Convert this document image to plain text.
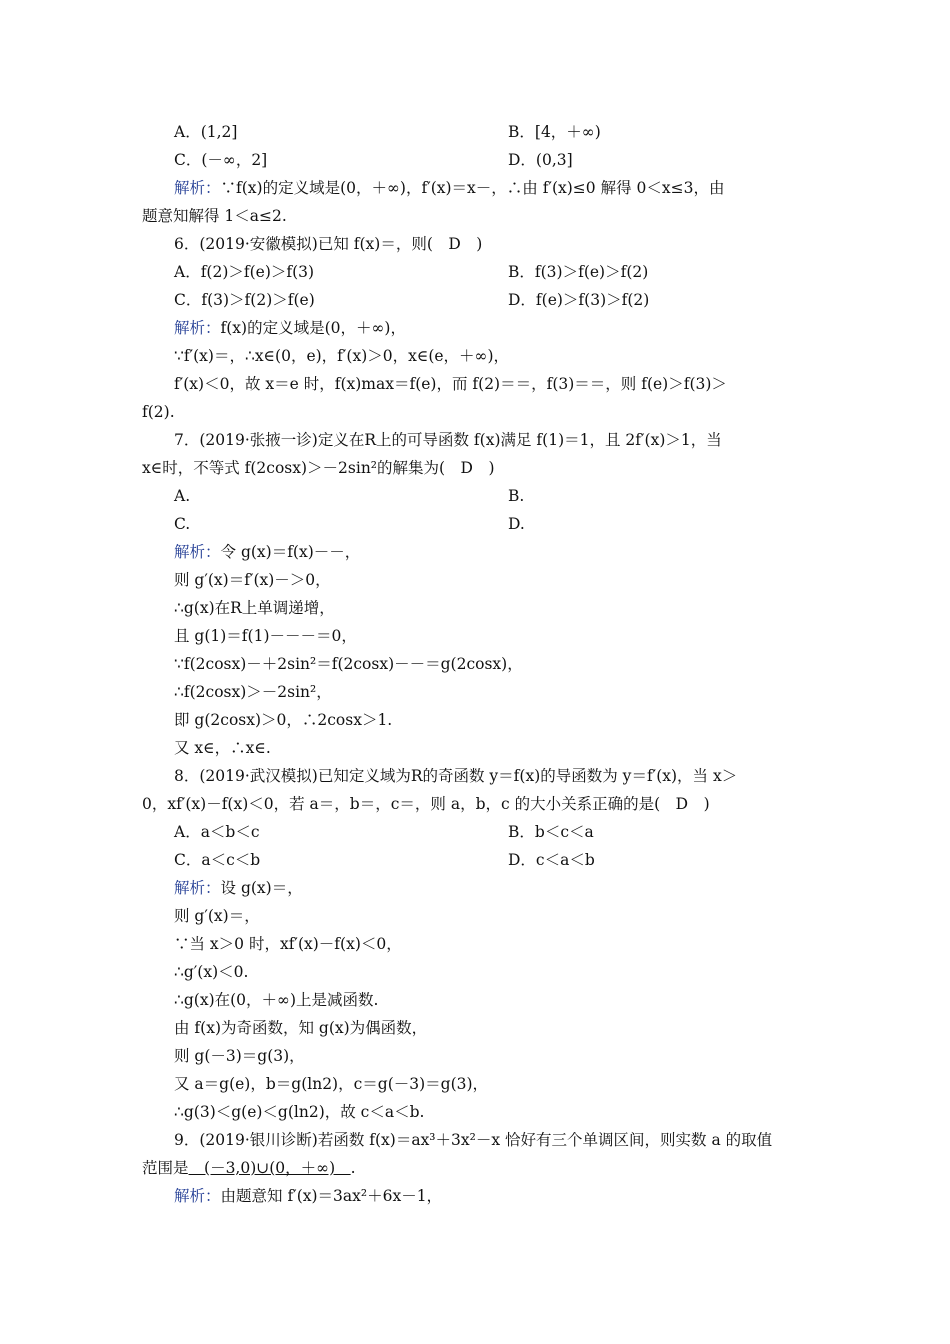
A．(1,2]	B．[4，＋∞)
C．(－∞，2]	D．(0,3]
解析：∵f(x)的定义域是(0，＋∞)，f′(x)＝x－，∴由 f′(x)≤0 解得 0＜x≤3，由
题意知解得 1＜a≤2.
6．(2019·安徽模拟)已知 f(x)＝，则(　D　)
A．f(2)＞f(e)＞f(3)	B．f(3)＞f(e)＞f(2)
C．f(3)＞f(2)＞f(e)	D．f(e)＞f(3)＞f(2)
解析：f(x)的定义域是(0，＋∞)，
∵f′(x)＝，∴x∈(0，e)，f′(x)＞0，x∈(e，＋∞)，
f′(x)＜0，故 x＝e 时，f(x)max＝f(e)，而 f(2)＝＝，f(3)＝＝，则 f(e)＞f(3)＞
f(2).
7．(2019·张掖一诊)定义在R上的可导函数 f(x)满足 f(1)＝1，且 2f′(x)＞1，当
x∈时，不等式 f(2cosx)＞－2sin²的解集为(　D　)
A.	B.
C.	D.
解析：令 g(x)＝f(x)－－，
则 g′(x)＝f′(x)－＞0，
∴g(x)在R上单调递增，
且 g(1)＝f(1)－－－＝0，
∵f(2cosx)－＋2sin²＝f(2cosx)－－＝g(2cosx)，
∴f(2cosx)＞－2sin²，
即 g(2cosx)＞0，∴2cosx＞1.
又 x∈，∴x∈.
8．(2019·武汉模拟)已知定义域为R的奇函数 y＝f(x)的导函数为 y＝f′(x)，当 x＞
0，xf′(x)－f(x)＜0，若 a＝，b＝，c＝，则 a，b，c 的大小关系正确的是(　D　)
A．a＜b＜c	B．b＜c＜a
C．a＜c＜b	D．c＜a＜b
解析：设 g(x)＝，
则 g′(x)＝，
∵当 x＞0 时，xf′(x)－f(x)＜0，
∴g′(x)＜0.
∴g(x)在(0，＋∞)上是减函数.
由 f(x)为奇函数，知 g(x)为偶函数，
则 g(－3)＝g(3)，
又 a＝g(e)，b＝g(ln2)，c＝g(－3)＝g(3)，
∴g(3)＜g(e)＜g(ln2)，故 c＜a＜b.
9．(2019·银川诊断)若函数 f(x)＝ax³＋3x²－x 恰好有三个单调区间，则实数 a 的取值
范围是　(－3,0)∪(0，＋∞)　.
解析：由题意知 f′(x)＝3ax²＋6x－1，
